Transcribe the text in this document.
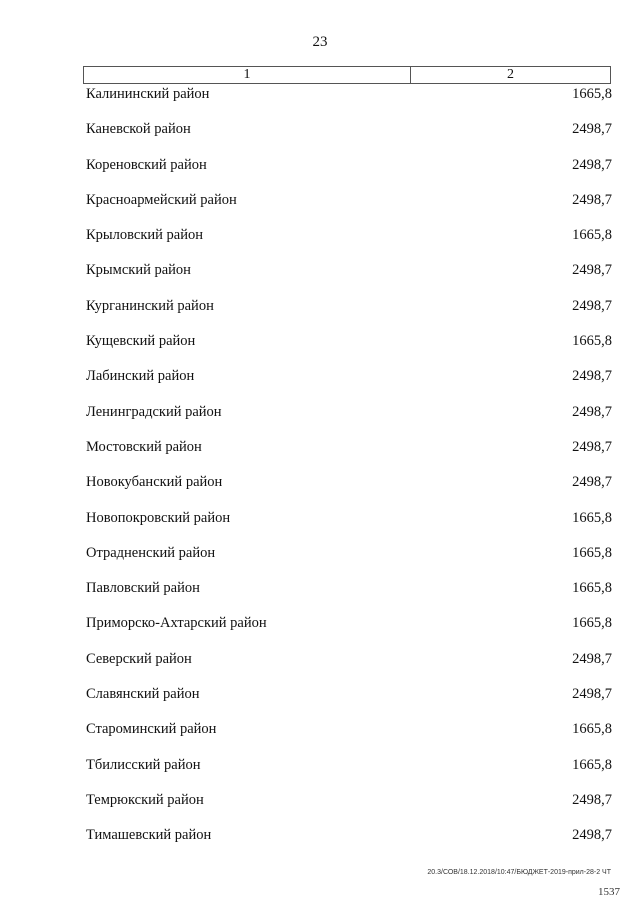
23
1	2
Калининский район	1665,8
Каневской район	2498,7
Кореновский район	2498,7
Красноармейский район	2498,7
Крыловский район	1665,8
Крымский район	2498,7
Курганинский район	2498,7
Кущевский район	1665,8
Лабинский район	2498,7
Ленинградский район	2498,7
Мостовский район	2498,7
Новокубанский район	2498,7
Новопокровский район	1665,8
Отрадненский район	1665,8
Павловский район	1665,8
Приморско-Ахтарский район	1665,8
Северский район	2498,7
Славянский район	2498,7
Староминский район	1665,8
Тбилисский район	1665,8
Темрюкский район	2498,7
Тимашевский район	2498,7
20.3/СОВ/18.12.2018/10:47/БЮДЖЕТ-2019-прил-28-2 ЧТ
1537
